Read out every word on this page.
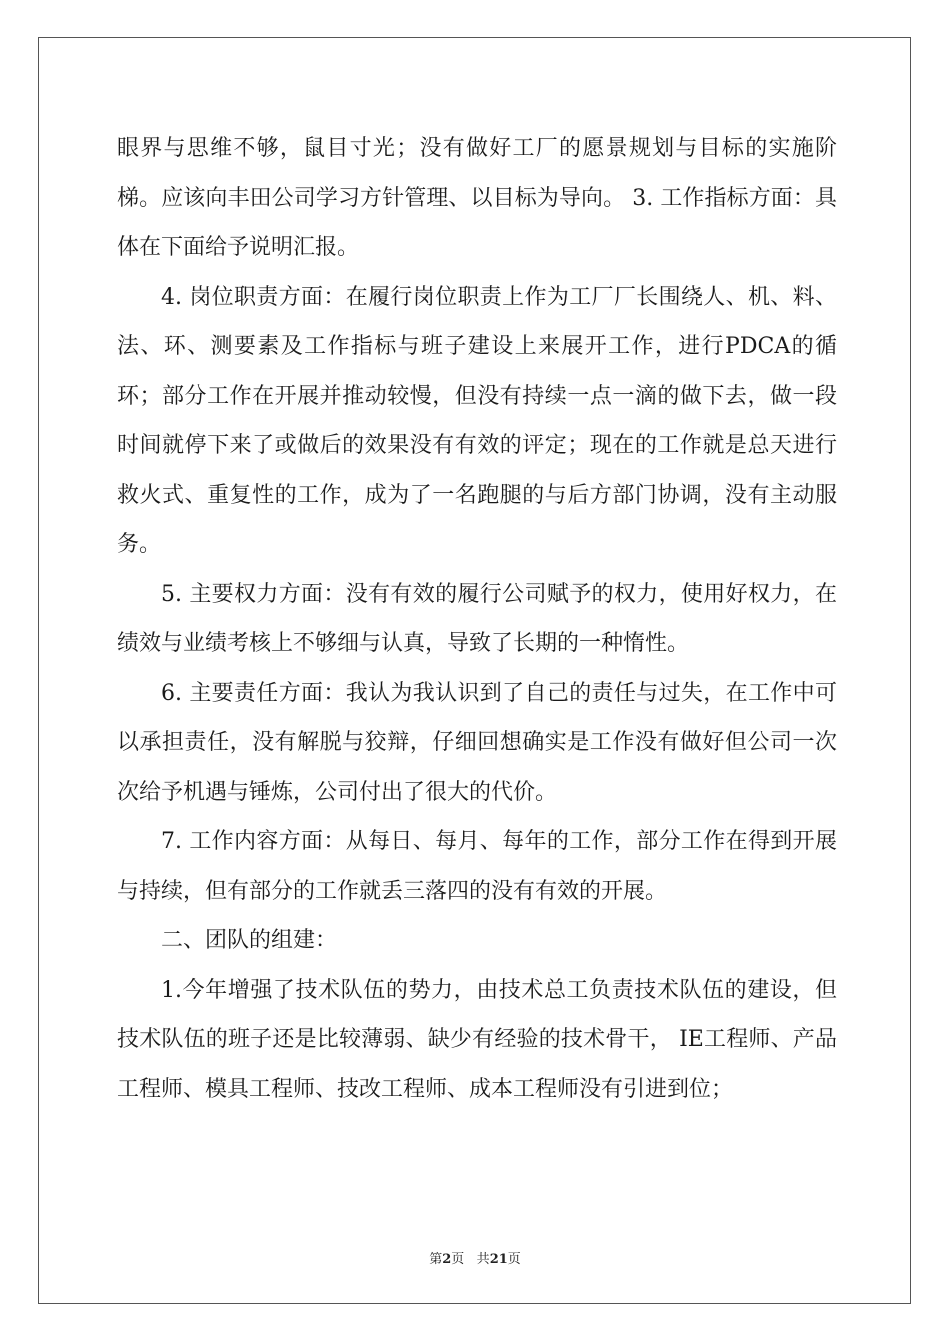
眼界与思维不够，鼠目寸光；没有做好工厂的愿景规划与目标的实施阶梯。应该向丰田公司学习方针管理、以目标为导向。 3. 工作指标方面：具体在下面给予说明汇报。

4. 岗位职责方面：在履行岗位职责上作为工厂厂长围绕人、机、料、法、环、测要素及工作指标与班子建设上来展开工作，进行PDCA的循环；部分工作在开展并推动较慢，但没有持续一点一滴的做下去，做一段时间就停下来了或做后的效果没有有效的评定；现在的工作就是总天进行救火式、重复性的工作，成为了一名跑腿的与后方部门协调，没有主动服务。

5. 主要权力方面：没有有效的履行公司赋予的权力，使用好权力，在绩效与业绩考核上不够细与认真，导致了长期的一种惰性。

6. 主要责任方面：我认为我认识到了自己的责任与过失，在工作中可以承担责任，没有解脱与狡辩，仔细回想确实是工作没有做好但公司一次次给予机遇与锤炼，公司付出了很大的代价。

7. 工作内容方面：从每日、每月、每年的工作，部分工作在得到开展与持续，但有部分的工作就丢三落四的没有有效的开展。

二、团队的组建：

1.今年增强了技术队伍的势力，由技术总工负责技术队伍的建设，但技术队伍的班子还是比较薄弱、缺少有经验的技术骨干， IE工程师、产品工程师、模具工程师、技改工程师、成本工程师没有引进到位；

第2页 共21页
